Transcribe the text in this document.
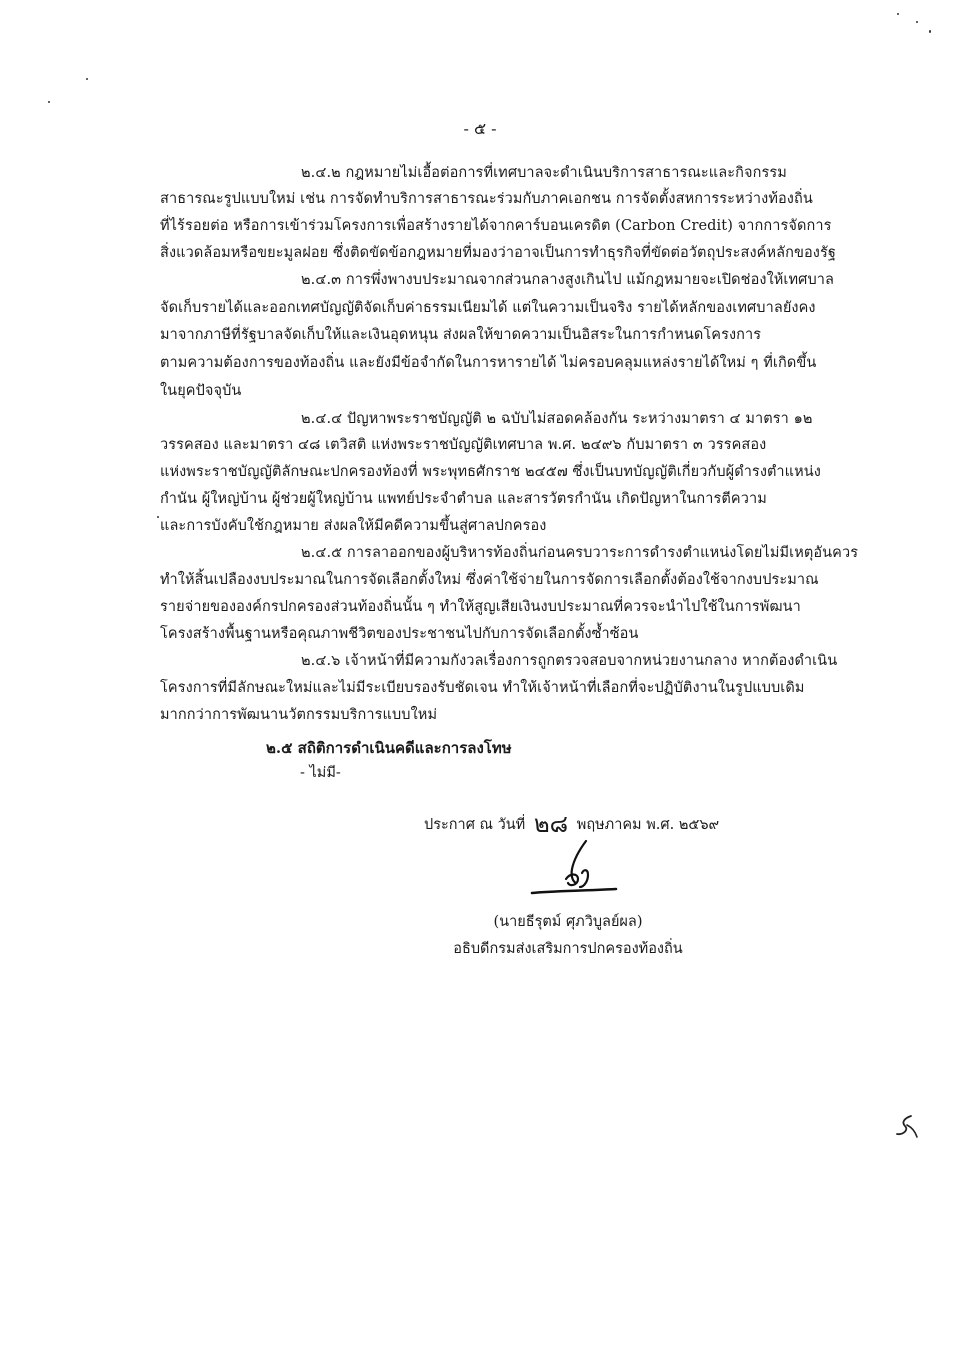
- ๕ -
๒.๔.๒ กฎหมายไม่เอื้อต่อการที่เทศบาลจะดำเนินบริการสาธารณะและกิจกรรม
สาธารณะรูปแบบใหม่ เช่น การจัดทำบริการสาธารณะร่วมกับภาคเอกชน การจัดตั้งสหการระหว่างท้องถิ่น
ที่ไร้รอยต่อ หรือการเข้าร่วมโครงการเพื่อสร้างรายได้จากคาร์บอนเครดิต (Carbon Credit) จากการจัดการ
สิ่งแวดล้อมหรือขยะมูลฝอย ซึ่งติดขัดข้อกฎหมายที่มองว่าอาจเป็นการทำธุรกิจที่ขัดต่อวัตถุประสงค์หลักของรัฐ
๒.๔.๓ การพึ่งพางบประมาณจากส่วนกลางสูงเกินไป แม้กฎหมายจะเปิดช่องให้เทศบาล
จัดเก็บรายได้และออกเทศบัญญัติจัดเก็บค่าธรรมเนียมได้ แต่ในความเป็นจริง รายได้หลักของเทศบาลยังคง
มาจากภาษีที่รัฐบาลจัดเก็บให้และเงินอุดหนุน ส่งผลให้ขาดความเป็นอิสระในการกำหนดโครงการ
ตามความต้องการของท้องถิ่น และยังมีข้อจำกัดในการหารายได้ ไม่ครอบคลุมแหล่งรายได้ใหม่ ๆ ที่เกิดขึ้น
ในยุคปัจจุบัน
๒.๔.๔ ปัญหาพระราชบัญญัติ ๒ ฉบับไม่สอดคล้องกัน ระหว่างมาตรา ๔ มาตรา ๑๒
วรรคสอง และมาตรา ๔๘ เตวิสติ แห่งพระราชบัญญัติเทศบาล พ.ศ. ๒๔๙๖ กับมาตรา ๓ วรรคสอง
แห่งพระราชบัญญัติลักษณะปกครองท้องที่ พระพุทธศักราช ๒๔๕๗ ซึ่งเป็นบทบัญญัติเกี่ยวกับผู้ดำรงตำแหน่ง
กำนัน ผู้ใหญ่บ้าน ผู้ช่วยผู้ใหญ่บ้าน แพทย์ประจำตำบล และสารวัตรกำนัน เกิดปัญหาในการตีความ
และการบังคับใช้กฎหมาย ส่งผลให้มีคดีความขึ้นสู่ศาลปกครอง
๒.๔.๕ การลาออกของผู้บริหารท้องถิ่นก่อนครบวาระการดำรงตำแหน่งโดยไม่มีเหตุอันควร
ทำให้สิ้นเปลืองงบประมาณในการจัดเลือกตั้งใหม่ ซึ่งค่าใช้จ่ายในการจัดการเลือกตั้งต้องใช้จากงบประมาณ
รายจ่ายขององค์กรปกครองส่วนท้องถิ่นนั้น ๆ ทำให้สูญเสียเงินงบประมาณที่ควรจะนำไปใช้ในการพัฒนา
โครงสร้างพื้นฐานหรือคุณภาพชีวิตของประชาชนไปกับการจัดเลือกตั้งซ้ำซ้อน
๒.๔.๖ เจ้าหน้าที่มีความกังวลเรื่องการถูกตรวจสอบจากหน่วยงานกลาง หากต้องดำเนิน
โครงการที่มีลักษณะใหม่และไม่มีระเบียบรองรับชัดเจน ทำให้เจ้าหน้าที่เลือกที่จะปฏิบัติงานในรูปแบบเดิม
มากกว่าการพัฒนานวัตกรรมบริการแบบใหม่
๒.๕ สถิติการดำเนินคดีและการลงโทษ
- ไม่มี-
ประกาศ ณ วันที่ ๒๘ พฤษภาคม พ.ศ. ๒๕๖๙
(นายธีรุตม์ ศุภวิบูลย์ผล)
อธิบดีกรมส่งเสริมการปกครองท้องถิ่น
